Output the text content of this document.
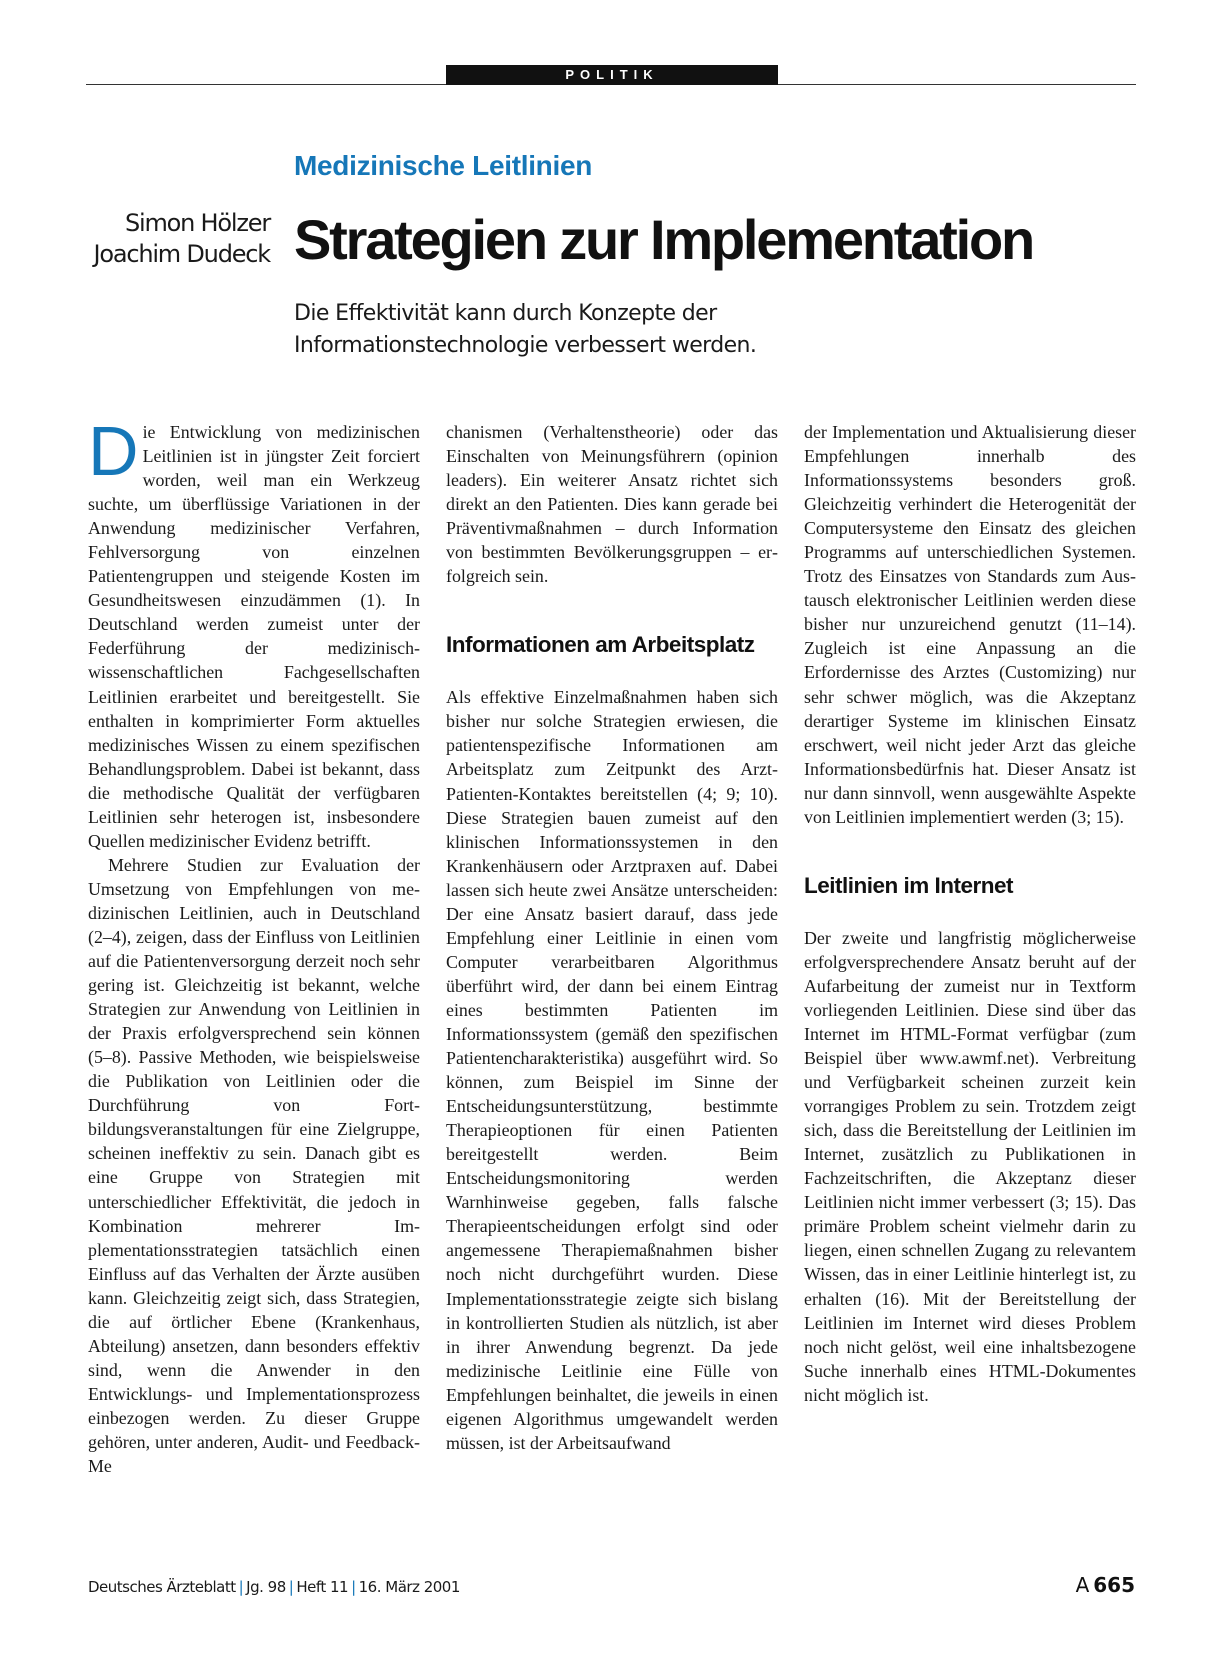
POLITIK
Medizinische Leitlinien
Simon Hölzer
Joachim Dudeck Strategien zur Implementation
Die Effektivität kann durch Konzepte der Informationstechnologie verbessert werden.

Die Entwicklung von medizinischen Leitlinien ist in jüngster Zeit forciert worden, weil man ein Werkzeug suchte, um überflüssige Variationen in der Anwendung medizinischer Verfahren, Fehlversorgung von einzelnen Patientengruppen und steigende Kosten im Gesundheitswesen einzudämmen (1). In Deutschland werden zumeist unter der Federführung der medizinisch-wissenschaftlichen Fachgesellschaften Leitlinien erarbeitet und bereitgestellt. Sie enthalten in komprimierter Form aktuelles medizinisches Wissen zu einem spezifischen Behandlungsproblem. Dabei ist bekannt, dass die methodische Qualität der verfügbaren Leitlinien sehr heterogen ist, insbesondere Quellen medizinischer Evidenz betrifft.

Mehrere Studien zur Evaluation der Umsetzung von Empfehlungen von medizinischen Leitlinien, auch in Deutschland (2–4), zeigen, dass der Einfluss von Leitlinien auf die Patientenversorgung derzeit noch sehr gering ist. Gleichzeitig ist bekannt, welche Strategien zur Anwendung von Leitlinien in der Praxis erfolgversprechend sein können (5–8). Passive Methoden, wie beispielsweise die Publikation von Leitlinien oder die Durchführung von Fortbildungsveranstaltungen für eine Zielgruppe, scheinen ineffektiv zu sein. Danach gibt es eine Gruppe von Strategien mit unterschiedlicher Effektivität, die jedoch in Kombination mehrerer Implementationsstrategien tatsächlich einen Einfluss auf das Verhalten der Ärzte ausüben kann. Gleichzeitig zeigt sich, dass Strategien, die auf örtlicher Ebene (Krankenhaus, Abteilung) ansetzen, dann besonders effektiv sind, wenn die Anwender in den Entwicklungs- und Implementationsprozess einbezogen werden. Zu dieser Gruppe gehören, unter anderen, Audit- und Feedback-Me

chanismen (Verhaltenstheorie) oder das Einschalten von Meinungsführern (opinion leaders). Ein weiterer Ansatz richtet sich direkt an den Patienten. Dies kann gerade bei Präventivmaßnahmen – durch Information von bestimmten Bevölkerungsgruppen – erfolgreich sein.

Informationen am Arbeitsplatz

Als effektive Einzelmaßnahmen haben sich bisher nur solche Strategien erwiesen, die patientenspezifische Informationen am Arbeitsplatz zum Zeitpunkt des Arzt-Patienten-Kontaktes bereitstellen (4; 9; 10). Diese Strategien bauen zumeist auf den klinischen Informationssystemen in den Krankenhäusern oder Arztpraxen auf. Dabei lassen sich heute zwei Ansätze unterscheiden: Der eine Ansatz basiert darauf, dass jede Empfehlung einer Leitlinie in einen vom Computer verarbeitbaren Algorithmus überführt wird, der dann bei einem Eintrag eines bestimmten Patienten im Informationssystem (gemäß den spezifischen Patientencharakteristika) ausgeführt wird. So können, zum Beispiel im Sinne der Entscheidungsunterstützung, bestimmte Therapieoptionen für einen Patienten bereitgestellt werden. Beim Entscheidungsmonitoring werden Warnhinweise gegeben, falls falsche Therapieentscheidungen erfolgt sind oder angemessene Therapiemaßnahmen bisher noch nicht durchgeführt wurden. Diese Implementationsstrategie zeigte sich bislang in kontrollierten Studien als nützlich, ist aber in ihrer Anwendung begrenzt. Da jede medizinische Leitlinie eine Fülle von Empfehlungen beinhaltet, die jeweils in einen eigenen Algorithmus umgewandelt werden müssen, ist der Arbeitsaufwand

der Implementation und Aktualisierung dieser Empfehlungen innerhalb des Informationssystems besonders groß. Gleichzeitig verhindert die Heterogenität der Computersysteme den Einsatz des gleichen Programms auf unterschiedlichen Systemen. Trotz des Einsatzes von Standards zum Austausch elektronischer Leitlinien werden diese bisher nur unzureichend genutzt (11–14). Zugleich ist eine Anpassung an die Erfordernisse des Arztes (Customizing) nur sehr schwer möglich, was die Akzeptanz derartiger Systeme im klinischen Einsatz erschwert, weil nicht jeder Arzt das gleiche Informationsbedürfnis hat. Dieser Ansatz ist nur dann sinnvoll, wenn ausgewählte Aspekte von Leitlinien implementiert werden (3; 15).

Leitlinien im Internet

Der zweite und langfristig möglicherweise erfolgversprechendere Ansatz beruht auf der Aufarbeitung der zumeist nur in Textform vorliegenden Leitlinien. Diese sind über das Internet im HTML-Format verfügbar (zum Beispiel über www.awmf.net). Verbreitung und Verfügbarkeit scheinen zurzeit kein vorrangiges Problem zu sein. Trotzdem zeigt sich, dass die Bereitstellung der Leitlinien im Internet, zusätzlich zu Publikationen in Fachzeitschriften, die Akzeptanz dieser Leitlinien nicht immer verbessert (3; 15). Das primäre Problem scheint vielmehr darin zu liegen, einen schnellen Zugang zu relevantem Wissen, das in einer Leitlinie hinterlegt ist, zu erhalten (16). Mit der Bereitstellung der Leitlinien im Internet wird dieses Problem noch nicht gelöst, weil eine inhaltsbezogene Suche innerhalb eines HTML-Dokumentes nicht möglich ist.

Deutsches Ärzteblatt | Jg. 98 | Heft 11 | 16. März 2001	A 665
